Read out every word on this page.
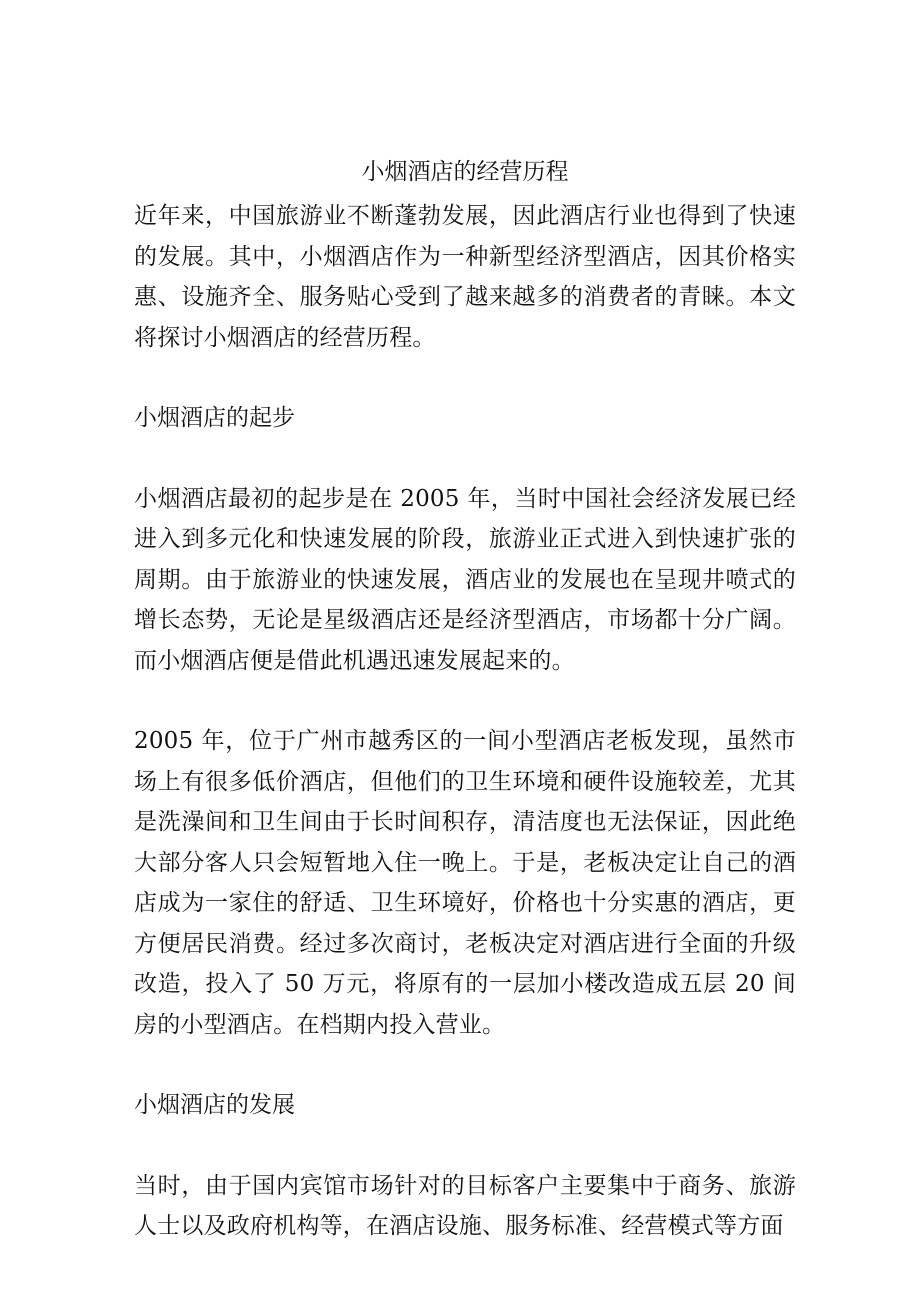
小烟酒店的经营历程

近年来，中国旅游业不断蓬勃发展，因此酒店行业也得到了快速的发展。其中，小烟酒店作为一种新型经济型酒店，因其价格实惠、设施齐全、服务贴心受到了越来越多的消费者的青睐。本文将探讨小烟酒店的经营历程。

小烟酒店的起步

小烟酒店最初的起步是在 2005 年，当时中国社会经济发展已经进入到多元化和快速发展的阶段，旅游业正式进入到快速扩张的周期。由于旅游业的快速发展，酒店业的发展也在呈现井喷式的增长态势，无论是星级酒店还是经济型酒店，市场都十分广阔。而小烟酒店便是借此机遇迅速发展起来的。

2005 年，位于广州市越秀区的一间小型酒店老板发现，虽然市场上有很多低价酒店，但他们的卫生环境和硬件设施较差，尤其是洗澡间和卫生间由于长时间积存，清洁度也无法保证，因此绝大部分客人只会短暂地入住一晚上。于是，老板决定让自己的酒店成为一家住的舒适、卫生环境好，价格也十分实惠的酒店，更方便居民消费。经过多次商讨，老板决定对酒店进行全面的升级改造，投入了 50 万元，将原有的一层加小楼改造成五层 20 间房的小型酒店。在档期内投入营业。

小烟酒店的发展

当时，由于国内宾馆市场针对的目标客户主要集中于商务、旅游人士以及政府机构等，在酒店设施、服务标准、经营模式等方面
